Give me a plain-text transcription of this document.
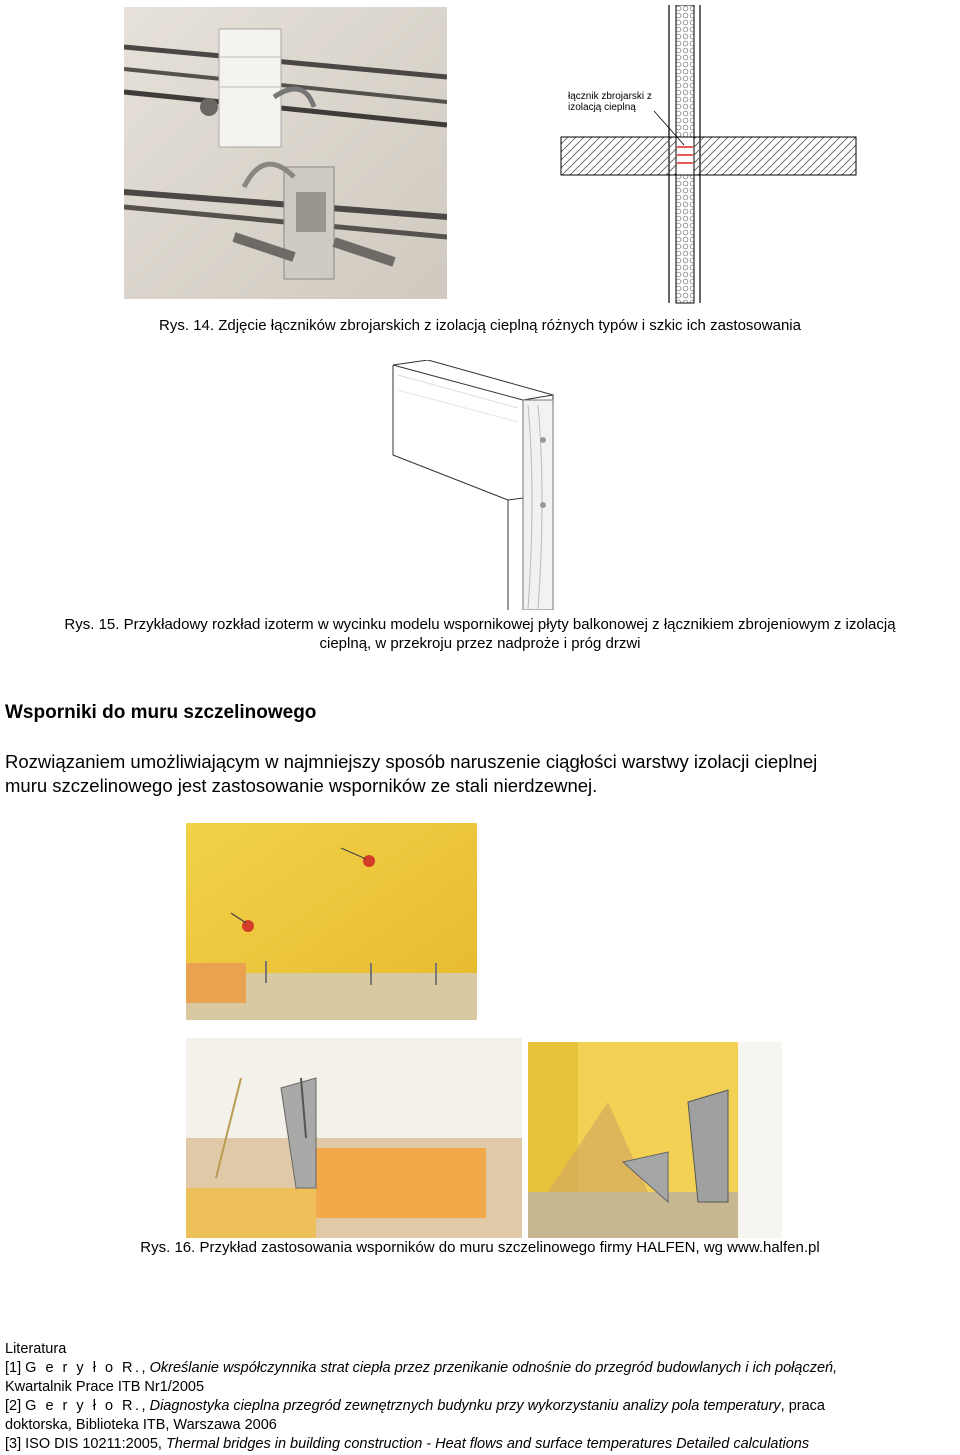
łącznik zbrojarski z
izolacją cieplną
Rys. 14. Zdjęcie łączników zbrojarskich z izolacją cieplną różnych typów i szkic ich zastosowania
Rys. 15. Przykładowy rozkład izoterm w wycinku modelu wspornikowej płyty balkonowej z łącznikiem zbrojeniowym z izolacją
cieplną, w przekroju przez nadproże i próg drzwi
Wsporniki do muru szczelinowego
Rozwiązaniem umożliwiającym w najmniejszy sposób naruszenie ciągłości warstwy izolacji cieplnej
muru szczelinowego jest zastosowanie wsporników ze stali nierdzewnej.
Rys. 16. Przykład zastosowania wsporników do muru szczelinowego firmy HALFEN, wg www.halfen.pl
Literatura
[1] G e r y ł o R., Określanie współczynnika strat ciepła przez przenikanie odnośnie do przegród budowlanych i ich połączeń,
Kwartalnik Prace ITB Nr1/2005
[2] G e r y ł o R., Diagnostyka cieplna przegród zewnętrznych budynku przy wykorzystaniu analizy pola temperatury, praca
doktorska, Biblioteka ITB, Warszawa 2006
[3] ISO DIS 10211:2005, Thermal bridges in building construction - Heat flows and surface temperatures Detailed calculations
